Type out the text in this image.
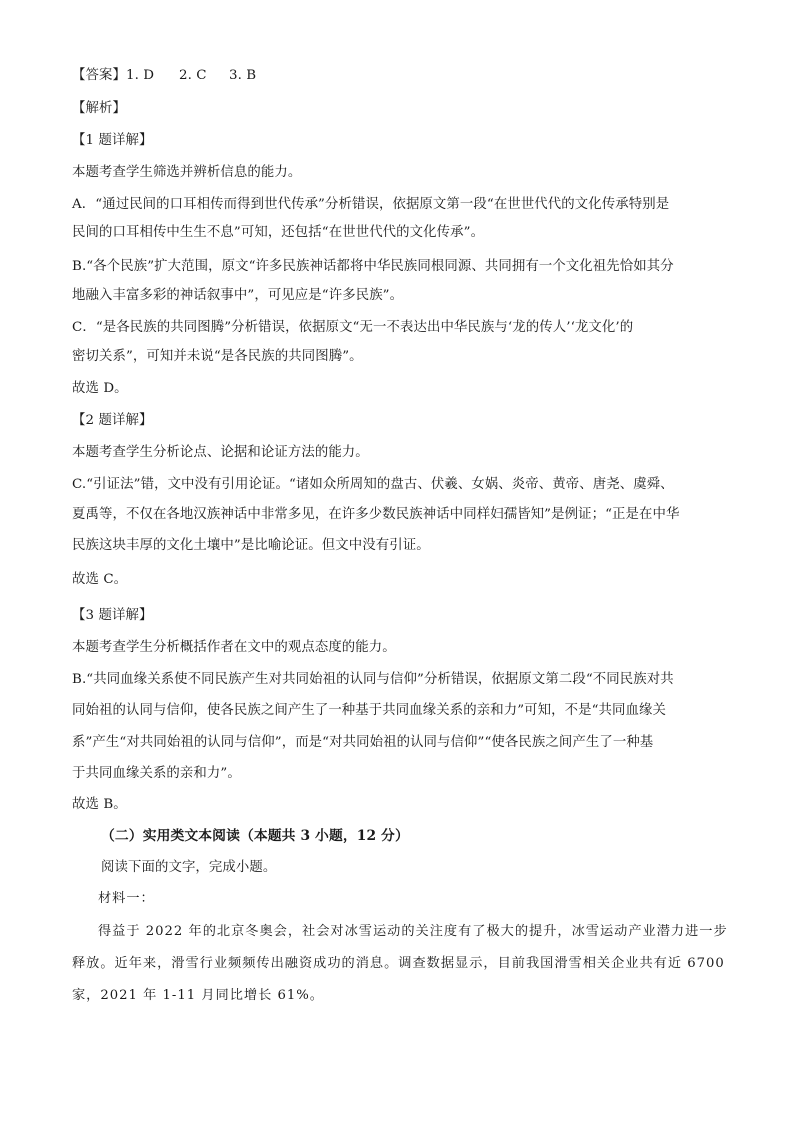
【答案】1. D 2. C 3. B
【解析】
【1 题详解】
本题考查学生筛选并辨析信息的能力。
A．“通过民间的口耳相传而得到世代传承”分析错误，依据原文第一段“在世世代代的文化传承特别是
民间的口耳相传中生生不息”可知，还包括“在世世代代的文化传承”。
B.“各个民族”扩大范围，原文“许多民族神话都将中华民族同根同源、共同拥有一个文化祖先恰如其分
地融入丰富多彩的神话叙事中”，可见应是“许多民族”。
C．“是各民族的共同图腾”分析错误，依据原文“无一不表达出中华民族与‘龙的传人’‘龙文化’的
密切关系”，可知并未说“是各民族的共同图腾”。
故选 D。
【2 题详解】
本题考查学生分析论点、论据和论证方法的能力。
C.“引证法”错，文中没有引用论证。“诸如众所周知的盘古、伏羲、女娲、炎帝、黄帝、唐尧、虞舜、
夏禹等，不仅在各地汉族神话中非常多见，在许多少数民族神话中同样妇孺皆知”是例证；“正是在中华
民族这块丰厚的文化土壤中”是比喻论证。但文中没有引证。
故选 C。
【3 题详解】
本题考查学生分析概括作者在文中的观点态度的能力。
B.“共同血缘关系使不同民族产生对共同始祖的认同与信仰”分析错误，依据原文第二段“不同民族对共
同始祖的认同与信仰，使各民族之间产生了一种基于共同血缘关系的亲和力”可知，不是“共同血缘关
系”产生“对共同始祖的认同与信仰”，而是“对共同始祖的认同与信仰”“使各民族之间产生了一种基
于共同血缘关系的亲和力”。
故选 B。
（二）实用类文本阅读（本题共 3 小题，12 分）
阅读下面的文字，完成小题。
材料一：
得益于 2022 年的北京冬奥会，社会对冰雪运动的关注度有了极大的提升，冰雪运动产业潜力进一步
释放。近年来，滑雪行业频频传出融资成功的消息。调查数据显示，目前我国滑雪相关企业共有近 6700
家，2021 年 1-11 月同比增长 61%。
